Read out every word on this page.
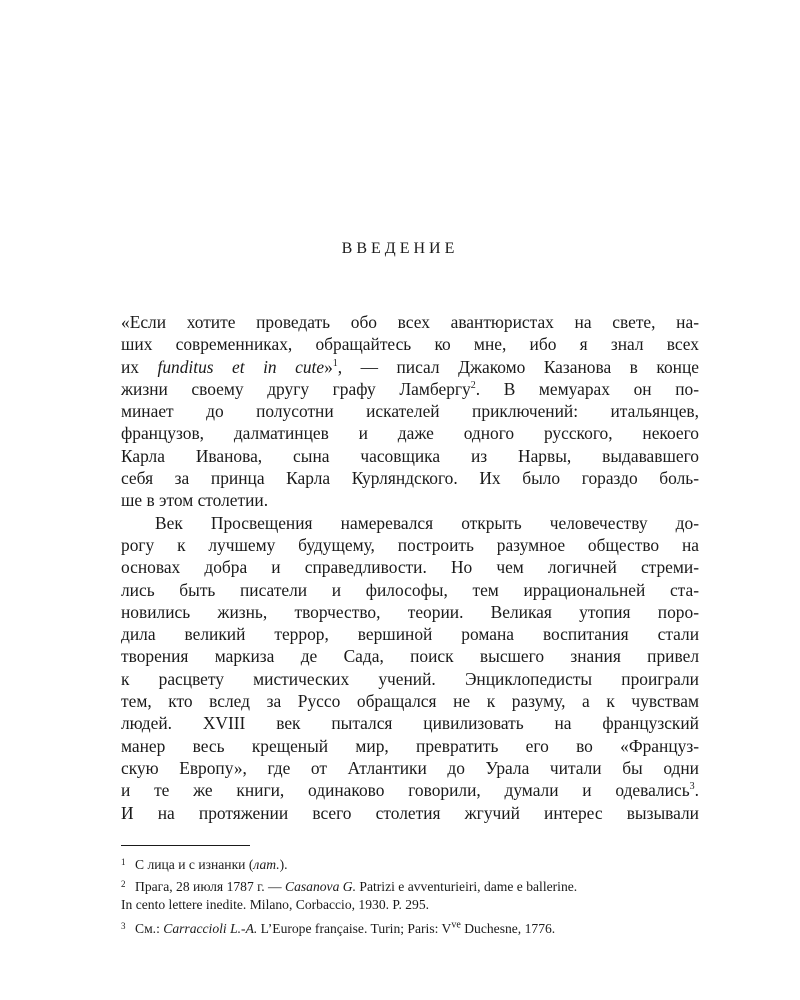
ВВЕДЕНИЕ
«Если хотите проведать обо всех авантюристах на свете, на-
ших современниках, обращайтесь ко мне, ибо я знал всех
их funditus et in cute»$^1$, — писал Джакомо Казанова в конце
жизни своему другу графу Ламбергу$^2$. В мемуарах он по-
минает до полусотни искателей приключений: итальянцев,
французов, далматинцев и даже одного русского, некоего
Карла Иванова, сына часовщика из Нарвы, выдававшего
себя за принца Карла Курляндского. Их было гораздо боль-
ше в этом столетии.
Век Просвещения намеревался открыть человечеству до-
рогу к лучшему будущему, построить разумное общество на
основах добра и справедливости. Но чем логичней стреми-
лись быть писатели и философы, тем иррациональней ста-
новились жизнь, творчество, теории. Великая утопия поро-
дила великий террор, вершиной романа воспитания стали
творения маркиза де Сада, поиск высшего знания привел
к расцвету мистических учений. Энциклопедисты проиграли
тем, кто вслед за Руссо обращался не к разуму, а к чувствам
людей. XVIII век пытался цивилизовать на французский
манер весь крещеный мир, превратить его во «Француз-
скую Европу», где от Атлантики до Урала читали бы одни
и те же книги, одинаково говорили, думали и одевались$^3$.
И на протяжении всего столетия жгучий интерес вызывали
1 С лица и с изнанки (лат.).
2 Прага, 28 июля 1787 г. — Casanova G. Patrizi e avventurieiri, dame e ballerine.
In cento lettere inedite. Milano, Corbaccio, 1930. P. 295.
3 См.: Carraccioli L.-A. L’Europe française. Turin; Paris: $V^{ve}$ Duchesne, 1776.
